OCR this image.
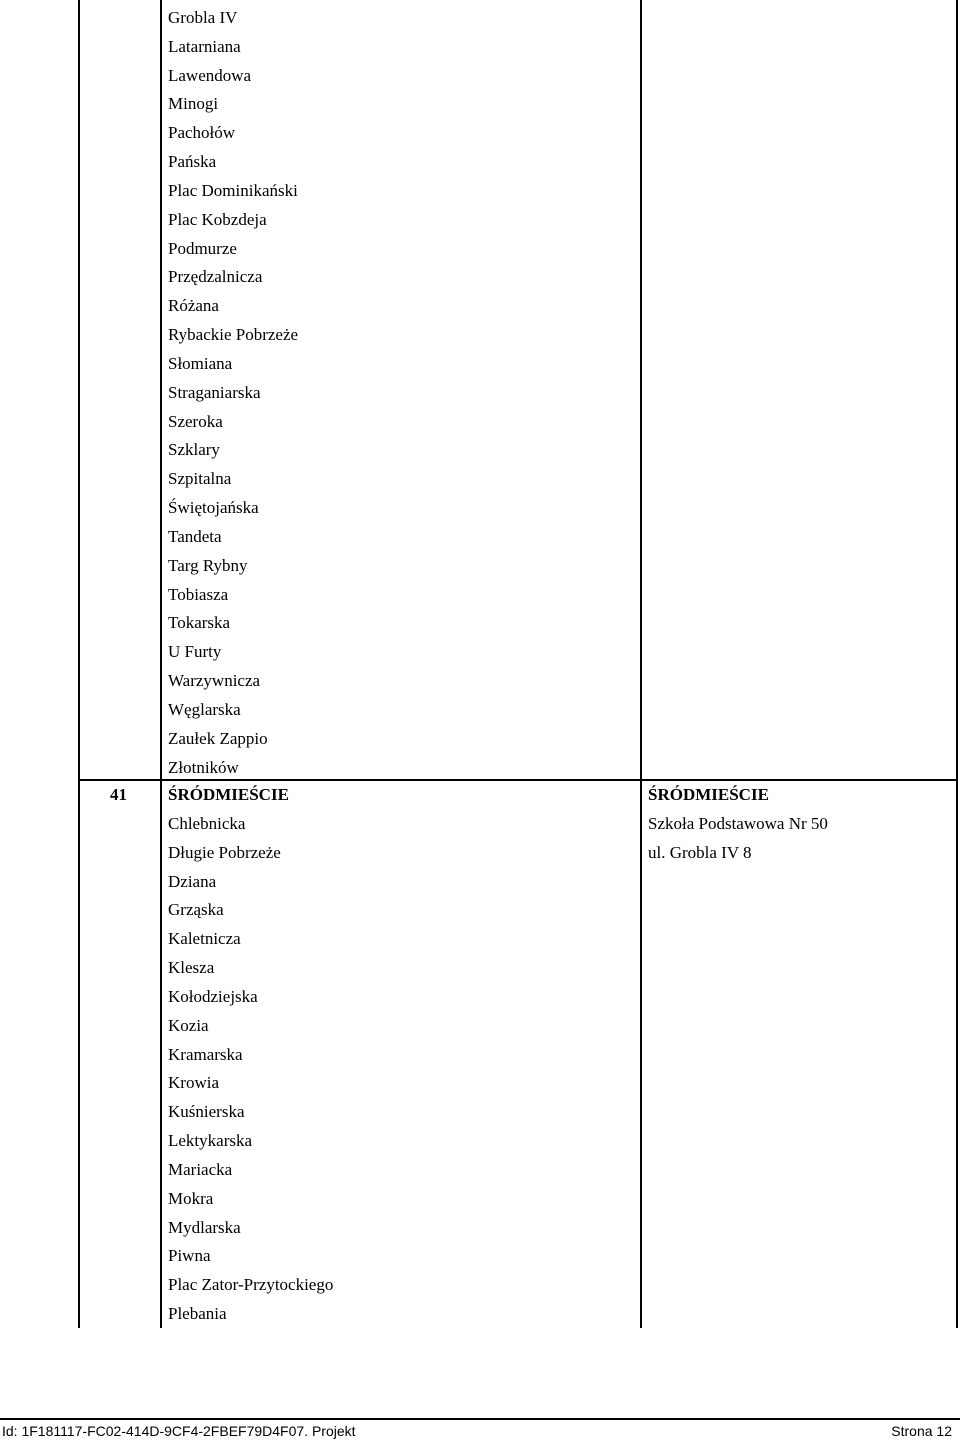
Grobla IV
Latarniana
Lawendowa
Minogi
Pachołów
Pańska
Plac Dominikański
Plac Kobzdeja
Podmurze
Przędzalnicza
Różana
Rybackie Pobrzeże
Słomiana
Straganiarska
Szeroka
Szklary
Szpitalna
Świętojańska
Tandeta
Targ Rybny
Tobiasza
Tokarska
U Furty
Warzywnicza
Węglarska
Zaułek Zappio
Złotników
41 ŚRÓDMIEŚCIE
Chlebnicka
Długie Pobrzeże
Dziana
Grząska
Kaletnicza
Klesza
Kołodziejska
Kozia
Kramarska
Krowia
Kuśnierska
Lektykarska
Mariacka
Mokra
Mydlarska
Piwna
Plac Zator-Przytockiego
Plebania
ŚRÓDMIEŚCIE
Szkoła Podstawowa Nr 50
ul. Grobla IV 8
Id: 1F181117-FC02-414D-9CF4-2FBEF79D4F07. Projekt	Strona 12
